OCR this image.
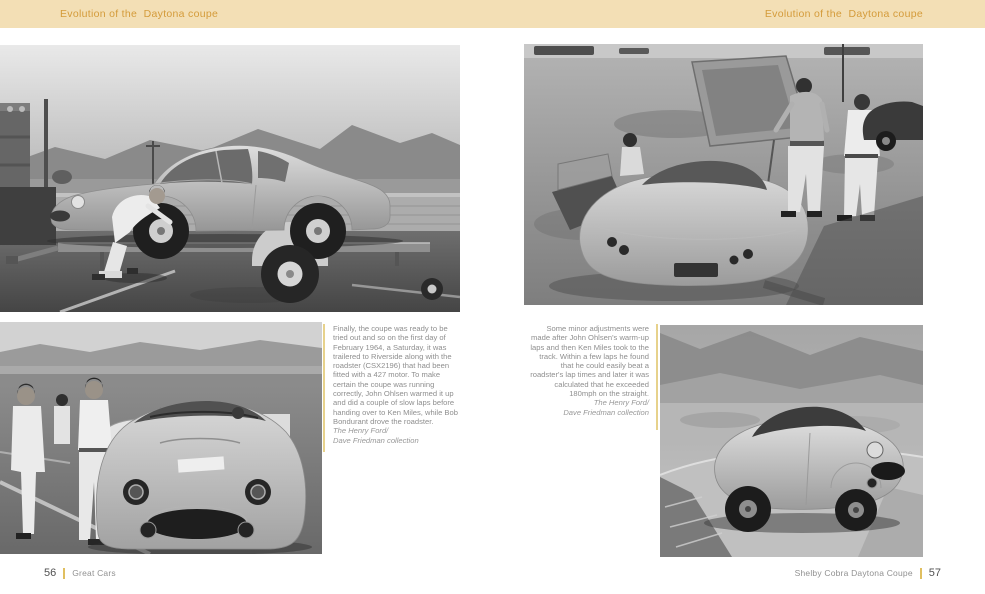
Evolution of the  Daytona coupe	Evolution of the  Daytona coupe
Finally, the coupe was ready to be tried out and so on the first day of February 1964, a Saturday, it was trailered to Riverside along with the roadster (CSX2196) that had been fitted with a 427 motor. To make certain the coupe was running correctly, John Ohlsen warmed it up and did a couple of slow laps before handing over to Ken Miles, while Bob Bondurant drove the roadster.
The Henry Ford/
Dave Friedman collection
Some minor adjustments were made after John Ohlsen's warm-up laps and then Ken Miles took to the track. Within a few laps he found that he could easily beat a roadster's lap times and later it was calculated that he exceeded 180mph on the straight.
The Henry Ford/
Dave Friedman collection
56 Great Cars	Shelby Cobra Daytona Coupe 57
